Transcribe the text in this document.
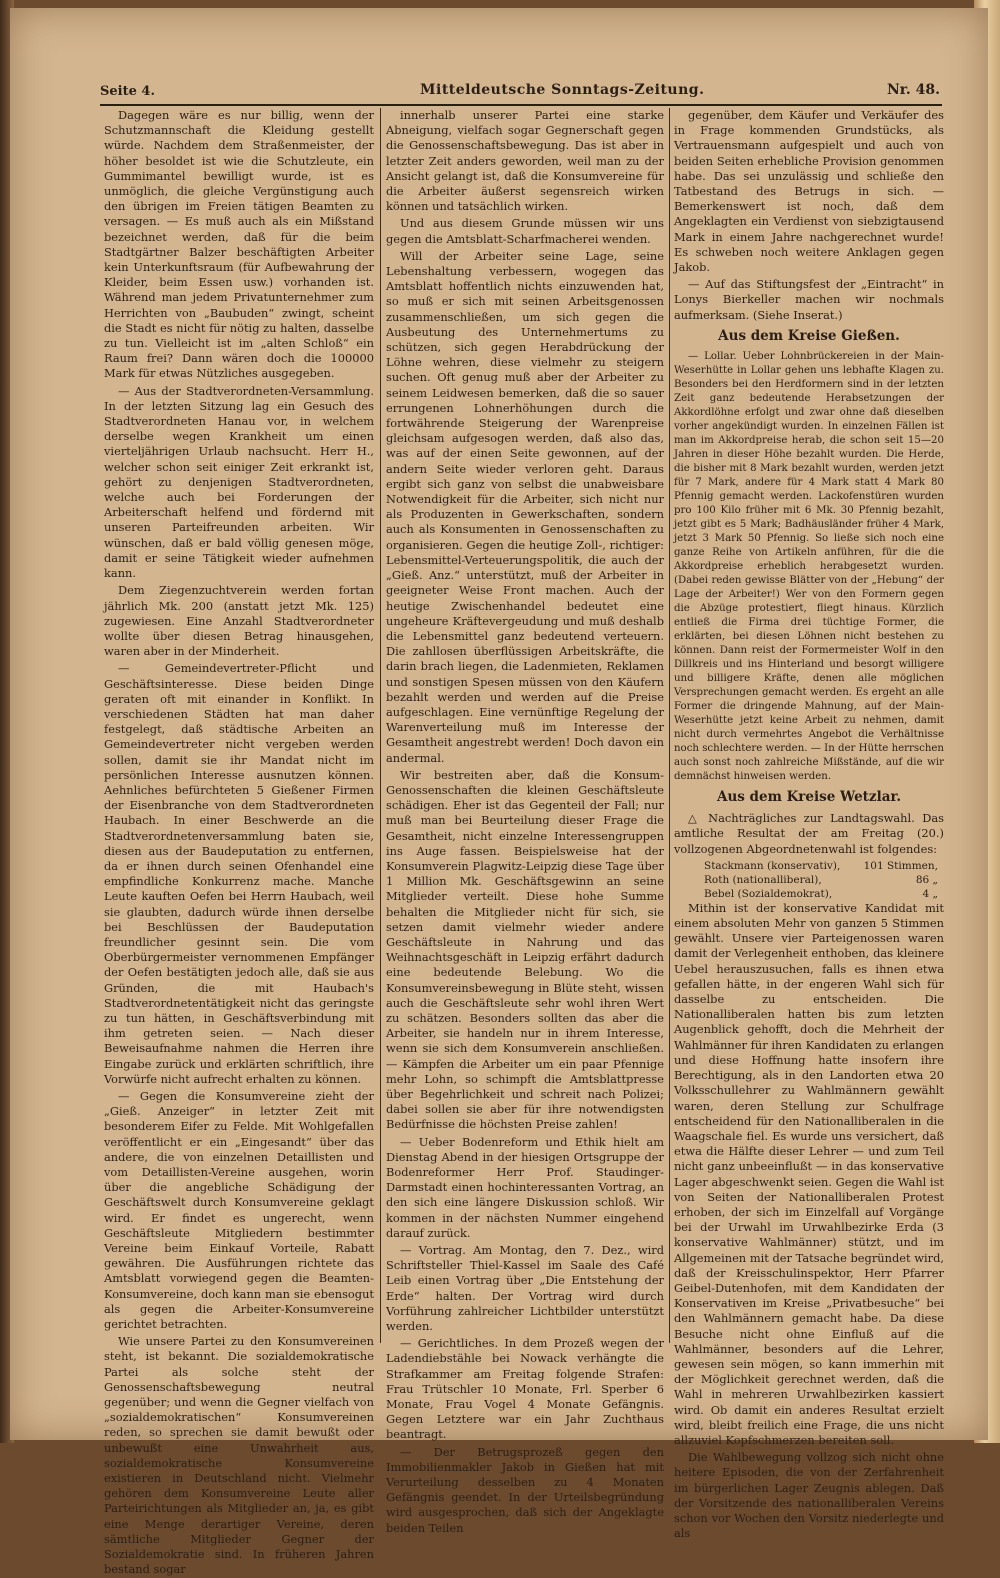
Seite 4.	Mitteldeutsche Sonntags-Zeitung.	Nr. 48.

Dagegen wäre es nur billig, wenn der Schutzmannschaft die Kleidung gestellt würde. Nachdem dem Straßenmeister, der höher besoldet ist wie die Schutzleute, ein Gummimantel bewilligt wurde, ist es unmöglich, die gleiche Vergünstigung auch den übrigen im Freien tätigen Beamten zu versagen. — Es muß auch als ein Mißstand bezeichnet werden, daß für die beim Stadtgärtner Balzer beschäftigten Arbeiter kein Unterkunftsraum (für Aufbewahrung der Kleider, beim Essen usw.) vorhanden ist. Während man jedem Privatunternehmer zum Herrichten von „Baubuden“ zwingt, scheint die Stadt es nicht für nötig zu halten, dasselbe zu tun. Vielleicht ist im „alten Schloß“ ein Raum frei? Dann wären doch die 100000 Mark für etwas Nützliches ausgegeben.

— Aus der Stadtverordneten-Versammlung. In der letzten Sitzung lag ein Gesuch des Stadtverordneten Hanau vor, in welchem derselbe wegen Krankheit um einen vierteljährigen Urlaub nachsucht. Herr H., welcher schon seit einiger Zeit erkrankt ist, gehört zu denjenigen Stadtverordneten, welche auch bei Forderungen der Arbeiterschaft helfend und fördernd mit unseren Parteifreunden arbeiten. Wir wünschen, daß er bald völlig genesen möge, damit er seine Tätigkeit wieder aufnehmen kann.

Dem Ziegenzuchtverein werden fortan jährlich Mk. 200 (anstatt jetzt Mk. 125) zugewiesen. Eine Anzahl Stadtverordneter wollte über diesen Betrag hinausgehen, waren aber in der Minderheit.

— Gemeindevertreter-Pflicht und Geschäftsinteresse. Diese beiden Dinge geraten oft mit einander in Konflikt. In verschiedenen Städten hat man daher festgelegt, daß städtische Arbeiten an Gemeindevertreter nicht vergeben werden sollen, damit sie ihr Mandat nicht im persönlichen Interesse ausnutzen können. Aehnliches befürchteten 5 Gießener Firmen der Eisenbranche von dem Stadtverordneten Haubach. In einer Beschwerde an die Stadtverordnetenversammlung baten sie, diesen aus der Baudeputation zu entfernen, da er ihnen durch seinen Ofenhandel eine empfindliche Konkurrenz mache. Manche Leute kauften Oefen bei Herrn Haubach, weil sie glaubten, dadurch würde ihnen derselbe bei Beschlüssen der Baudeputation freundlicher gesinnt sein. Die vom Oberbürgermeister vernommenen Empfänger der Oefen bestätigten jedoch alle, daß sie aus Gründen, die mit Haubach's Stadtverordnetentätigkeit nicht das geringste zu tun hätten, in Geschäftsverbindung mit ihm getreten seien. — Nach dieser Beweisaufnahme nahmen die Herren ihre Eingabe zurück und erklärten schriftlich, ihre Vorwürfe nicht aufrecht erhalten zu können.

— Gegen die Konsumvereine zieht der „Gieß. Anzeiger“ in letzter Zeit mit besonderem Eifer zu Felde. Mit Wohlgefallen veröffentlicht er ein „Eingesandt“ über das andere, die von einzelnen Detaillisten und vom Detaillisten-Vereine ausgehen, worin über die angebliche Schädigung der Geschäftswelt durch Konsumvereine geklagt wird. Er findet es ungerecht, wenn Geschäftsleute Mitgliedern bestimmter Vereine beim Einkauf Vorteile, Rabatt gewähren. Die Ausführungen richtete das Amtsblatt vorwiegend gegen die Beamten-Konsumvereine, doch kann man sie ebensogut als gegen die Arbeiter-Konsumvereine gerichtet betrachten.

Wie unsere Partei zu den Konsumvereinen steht, ist bekannt. Die sozialdemokratische Partei als solche steht der Genossenschaftsbewegung neutral gegenüber; und wenn die Gegner vielfach von „sozialdemokratischen“ Konsumvereinen reden, so sprechen sie damit bewußt oder unbewußt eine Unwahrheit aus, sozialdemokratische Konsumvereine existieren in Deutschland nicht. Vielmehr gehören dem Konsumvereine Leute aller Parteirichtungen als Mitglieder an, ja, es gibt eine Menge derartiger Vereine, deren sämtliche Mitglieder Gegner der Sozialdemokratie sind. In früheren Jahren bestand sogar

innerhalb unserer Partei eine starke Abneigung, vielfach sogar Gegnerschaft gegen die Genossenschaftsbewegung. Das ist aber in letzter Zeit anders geworden, weil man zu der Ansicht gelangt ist, daß die Konsumvereine für die Arbeiter äußerst segensreich wirken können und tatsächlich wirken.

Und aus diesem Grunde müssen wir uns gegen die Amtsblatt-Scharfmacherei wenden.

Will der Arbeiter seine Lage, seine Lebenshaltung verbessern, wogegen das Amtsblatt hoffentlich nichts einzuwenden hat, so muß er sich mit seinen Arbeitsgenossen zusammenschließen, um sich gegen die Ausbeutung des Unternehmertums zu schützen, sich gegen Herabdrückung der Löhne wehren, diese vielmehr zu steigern suchen. Oft genug muß aber der Arbeiter zu seinem Leidwesen bemerken, daß die so sauer errungenen Lohnerhöhungen durch die fortwährende Steigerung der Warenpreise gleichsam aufgesogen werden, daß also das, was auf der einen Seite gewonnen, auf der andern Seite wieder verloren geht. Daraus ergibt sich ganz von selbst die unabweisbare Notwendigkeit für die Arbeiter, sich nicht nur als Produzenten in Gewerkschaften, sondern auch als Konsumenten in Genossenschaften zu organisieren. Gegen die heutige Zoll-, richtiger: Lebensmittel-Verteuerungspolitik, die auch der „Gieß. Anz.“ unterstützt, muß der Arbeiter in geeigneter Weise Front machen. Auch der heutige Zwischenhandel bedeutet eine ungeheure Kräftevergeudung und muß deshalb die Lebensmittel ganz bedeutend verteuern. Die zahllosen überflüssigen Arbeitskräfte, die darin brach liegen, die Ladenmieten, Reklamen und sonstigen Spesen müssen von den Käufern bezahlt werden und werden auf die Preise aufgeschlagen. Eine vernünftige Regelung der Warenverteilung muß im Interesse der Gesamtheit angestrebt werden! Doch davon ein andermal.

Wir bestreiten aber, daß die Konsum-Genossenschaften die kleinen Geschäftsleute schädigen. Eher ist das Gegenteil der Fall; nur muß man bei Beurteilung dieser Frage die Gesamtheit, nicht einzelne Interessengruppen ins Auge fassen. Beispielsweise hat der Konsumverein Plagwitz-Leipzig diese Tage über 1 Million Mk. Geschäftsgewinn an seine Mitglieder verteilt. Diese hohe Summe behalten die Mitglieder nicht für sich, sie setzen damit vielmehr wieder andere Geschäftsleute in Nahrung und das Weihnachtsgeschäft in Leipzig erfährt dadurch eine bedeutende Belebung. Wo die Konsumvereinsbewegung in Blüte steht, wissen auch die Geschäftsleute sehr wohl ihren Wert zu schätzen. Besonders sollten das aber die Arbeiter, sie handeln nur in ihrem Interesse, wenn sie sich dem Konsumverein anschließen. — Kämpfen die Arbeiter um ein paar Pfennige mehr Lohn, so schimpft die Amtsblattpresse über Begehrlichkeit und schreit nach Polizei; dabei sollen sie aber für ihre notwendigsten Bedürfnisse die höchsten Preise zahlen!

— Ueber Bodenreform und Ethik hielt am Dienstag Abend in der hiesigen Ortsgruppe der Bodenreformer Herr Prof. Staudinger-Darmstadt einen hochinteressanten Vortrag, an den sich eine längere Diskussion schloß. Wir kommen in der nächsten Nummer eingehend darauf zurück.

— Vortrag. Am Montag, den 7. Dez., wird Schriftsteller Thiel-Kassel im Saale des Café Leib einen Vortrag über „Die Entstehung der Erde“ halten. Der Vortrag wird durch Vorführung zahlreicher Lichtbilder unterstützt werden.

— Gerichtliches. In dem Prozeß wegen der Ladendiebstähle bei Nowack verhängte die Strafkammer am Freitag folgende Strafen: Frau Trütschler 10 Monate, Frl. Sperber 6 Monate, Frau Vogel 4 Monate Gefängnis. Gegen Letztere war ein Jahr Zuchthaus beantragt.

— Der Betrugsprozeß gegen den Immobilienmakler Jakob in Gießen hat mit Verurteilung desselben zu 4 Monaten Gefängnis geendet. In der Urteilsbegründung wird ausgesprochen, daß sich der Angeklagte beiden Teilen

gegenüber, dem Käufer und Verkäufer des in Frage kommenden Grundstücks, als Vertrauensmann aufgespielt und auch von beiden Seiten erhebliche Provision genommen habe. Das sei unzulässig und schließe den Tatbestand des Betrugs in sich. — Bemerkenswert ist noch, daß dem Angeklagten ein Verdienst von siebzigtausend Mark in einem Jahre nachgerechnet wurde! Es schweben noch weitere Anklagen gegen Jakob.

— Auf das Stiftungsfest der „Eintracht“ in Lonys Bierkeller machen wir nochmals aufmerksam. (Siehe Inserat.)

Aus dem Kreise Gießen.

— Lollar. Ueber Lohnbrückereien in der Main-Weserhütte in Lollar gehen uns lebhafte Klagen zu. Besonders bei den Herdformern sind in der letzten Zeit ganz bedeutende Herabsetzungen der Akkordlöhne erfolgt und zwar ohne daß dieselben vorher angekündigt wurden. In einzelnen Fällen ist man im Akkordpreise herab, die schon seit 15—20 Jahren in dieser Höhe bezahlt wurden. Die Herde, die bisher mit 8 Mark bezahlt wurden, werden jetzt für 7 Mark, andere für 4 Mark statt 4 Mark 80 Pfennig gemacht werden. Lackofenstüren wurden pro 100 Kilo früher mit 6 Mk. 30 Pfennig bezahlt, jetzt gibt es 5 Mark; Badhäusländer früher 4 Mark, jetzt 3 Mark 50 Pfennig. So ließe sich noch eine ganze Reihe von Artikeln anführen, für die die Akkordpreise erheblich herabgesetzt wurden. (Dabei reden gewisse Blätter von der „Hebung“ der Lage der Arbeiter!) Wer von den Formern gegen die Abzüge protestiert, fliegt hinaus. Kürzlich entließ die Firma drei tüchtige Former, die erklärten, bei diesen Löhnen nicht bestehen zu können. Dann reist der Formermeister Wolf in den Dillkreis und ins Hinterland und besorgt willigere und billigere Kräfte, denen alle möglichen Versprechungen gemacht werden. Es ergeht an alle Former die dringende Mahnung, auf der Main-Weserhütte jetzt keine Arbeit zu nehmen, damit nicht durch vermehrtes Angebot die Verhältnisse noch schlechtere werden. — In der Hütte herrschen auch sonst noch zahlreiche Mißstände, auf die wir demnächst hinweisen werden.

Aus dem Kreise Wetzlar.

△ Nachträgliches zur Landtagswahl. Das amtliche Resultat der am Freitag (20.) vollzogenen Abgeordnetenwahl ist folgendes:

Stackmann (konservativ), 101 Stimmen,
Roth (nationalliberal),	86 „
Bebel (Sozialdemokrat),	4 „

Mithin ist der konservative Kandidat mit einem absoluten Mehr von ganzen 5 Stimmen gewählt. Unsere vier Parteigenossen waren damit der Verlegenheit enthoben, das kleinere Uebel herauszusuchen, falls es ihnen etwa gefallen hätte, in der engeren Wahl sich für dasselbe zu entscheiden. Die Nationalliberalen hatten bis zum letzten Augenblick gehofft, doch die Mehrheit der Wahlmänner für ihren Kandidaten zu erlangen und diese Hoffnung hatte insofern ihre Berechtigung, als in den Landorten etwa 20 Volksschullehrer zu Wahlmännern gewählt waren, deren Stellung zur Schulfrage entscheidend für den Nationalliberalen in die Waagschale fiel. Es wurde uns versichert, daß etwa die Hälfte dieser Lehrer — und zum Teil nicht ganz unbeeinflußt — in das konservative Lager abgeschwenkt seien. Gegen die Wahl ist von Seiten der Nationalliberalen Protest erhoben, der sich im Einzelfall auf Vorgänge bei der Urwahl im Urwahlbezirke Erda (3 konservative Wahlmänner) stützt, und im Allgemeinen mit der Tatsache begründet wird, daß der Kreisschulinspektor, Herr Pfarrer Geibel-Dutenhofen, mit dem Kandidaten der Konservativen im Kreise „Privatbesuche“ bei den Wahlmännern gemacht habe. Da diese Besuche nicht ohne Einfluß auf die Wahlmänner, besonders auf die Lehrer, gewesen sein mögen, so kann immerhin mit der Möglichkeit gerechnet werden, daß die Wahl in mehreren Urwahlbezirken kassiert wird. Ob damit ein anderes Resultat erzielt wird, bleibt freilich eine Frage, die uns nicht allzuviel Kopfschmerzen bereiten soll.

Die Wahlbewegung vollzog sich nicht ohne heitere Episoden, die von der Zerfahrenheit im bürgerlichen Lager Zeugnis ablegen. Daß der Vorsitzende des nationalliberalen Vereins schon vor Wochen den Vorsitz niederlegte und als
